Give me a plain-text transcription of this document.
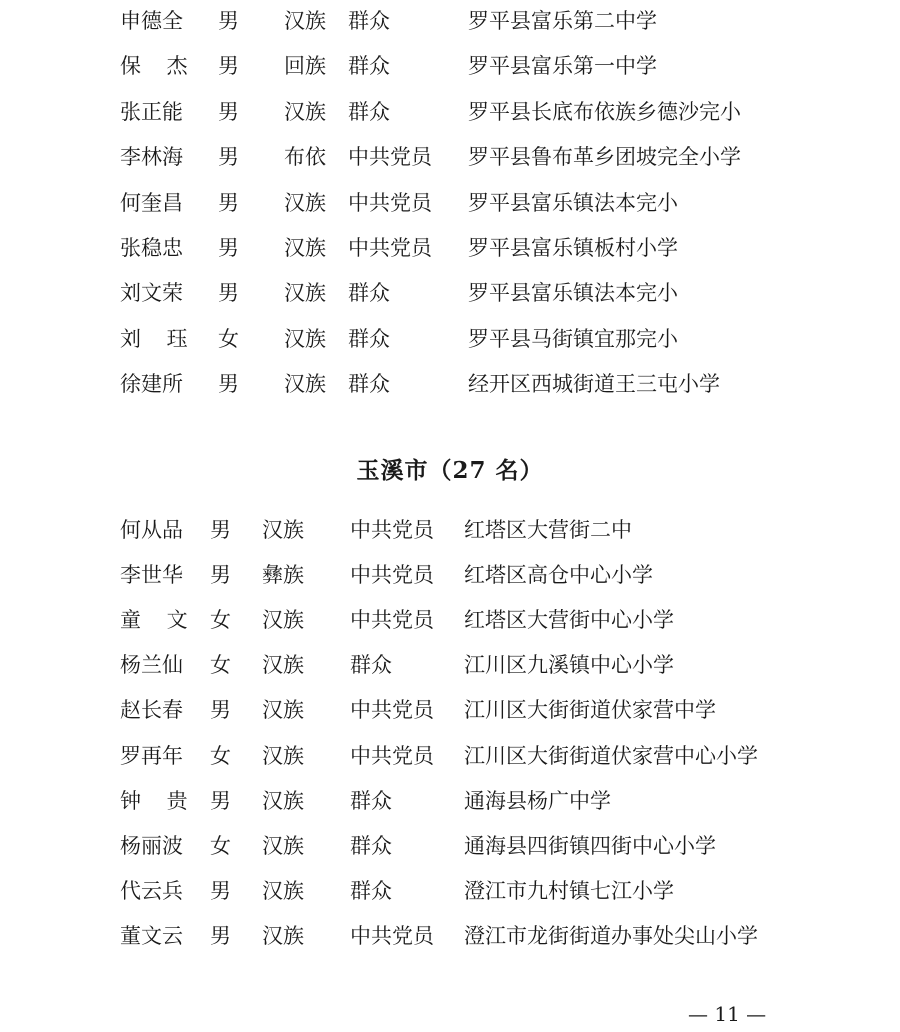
申德全 男 汉族 群众	罗平县富乐第二中学
保 杰 男 回族 群众	罗平县富乐第一中学
张正能 男 汉族 群众	罗平县长底布依族乡德沙完小
李林海 男 布依 中共党员 罗平县鲁布革乡团坡完全小学
何奎昌 男 汉族 中共党员 罗平县富乐镇法本完小
张稳忠 男 汉族 中共党员 罗平县富乐镇板村小学
刘文荣 男 汉族 群众	罗平县富乐镇法本完小
刘 珏 女 汉族 群众	罗平县马街镇宜那完小
徐建所 男 汉族 群众	经开区西城街道王三屯小学
玉溪市（27 名）
何从品 男 汉族 中共党员 红塔区大营街二中
李世华 男 彝族 中共党员 红塔区高仓中心小学
童 文 女 汉族 中共党员 红塔区大营街中心小学
杨兰仙 女 汉族 群众	江川区九溪镇中心小学
赵长春 男 汉族 中共党员 江川区大街街道伏家营中学
罗再年 女 汉族 中共党员 江川区大街街道伏家营中心小学
钟 贵 男 汉族 群众	通海县杨广中学
杨丽波 女 汉族 群众	通海县四街镇四街中心小学
代云兵 男 汉族 群众	澄江市九村镇七江小学
董文云 男 汉族 中共党员 澄江市龙街街道办事处尖山小学
— 11 —
